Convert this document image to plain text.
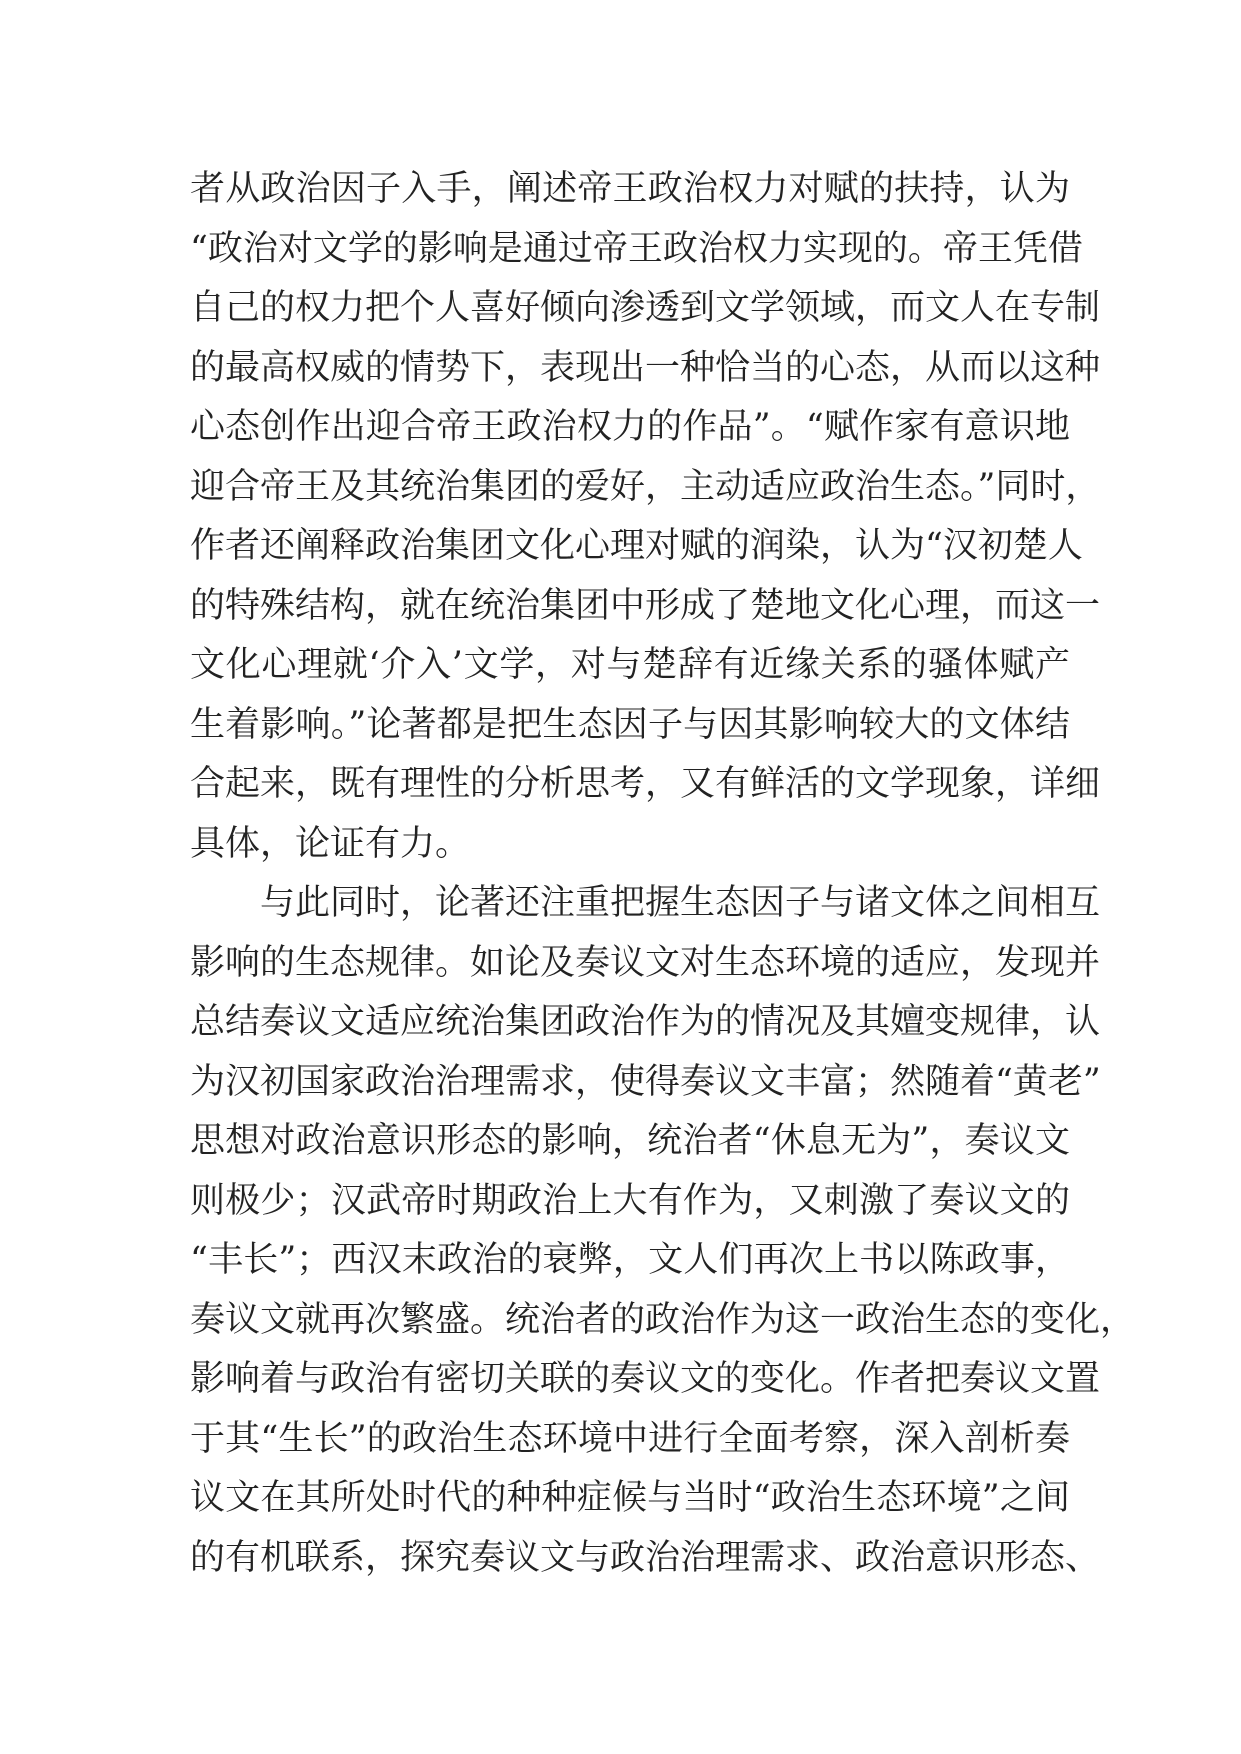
者从政治因子入手，阐述帝王政治权力对赋的扶持，认为
“政治对文学的影响是通过帝王政治权力实现的。帝王凭借
自己的权力把个人喜好倾向渗透到文学领域，而文人在专制
的最高权威的情势下，表现出一种恰当的心态，从而以这种
心态创作出迎合帝王政治权力的作品”。“赋作家有意识地
迎合帝王及其统治集团的爱好，主动适应政治生态。”同时，
作者还阐释政治集团文化心理对赋的润染，认为“汉初楚人
的特殊结构，就在统治集团中形成了楚地文化心理，而这一
文化心理就‘介入’文学，对与楚辞有近缘关系的骚体赋产
生着影响。”论著都是把生态因子与因其影响较大的文体结
合起来，既有理性的分析思考，又有鲜活的文学现象，详细
具体，论证有力。
与此同时，论著还注重把握生态因子与诸文体之间相互
影响的生态规律。如论及奏议文对生态环境的适应，发现并
总结奏议文适应统治集团政治作为的情况及其嬗变规律，认
为汉初国家政治治理需求，使得奏议文丰富；然随着“黄老”
思想对政治意识形态的影响，统治者“休息无为”，奏议文
则极少；汉武帝时期政治上大有作为，又刺激了奏议文的
“丰长”；西汉末政治的衰弊，文人们再次上书以陈政事，
奏议文就再次繁盛。统治者的政治作为这一政治生态的变化，
影响着与政治有密切关联的奏议文的变化。作者把奏议文置
于其“生长”的政治生态环境中进行全面考察，深入剖析奏
议文在其所处时代的种种症候与当时“政治生态环境”之间
的有机联系，探究奏议文与政治治理需求、政治意识形态、
